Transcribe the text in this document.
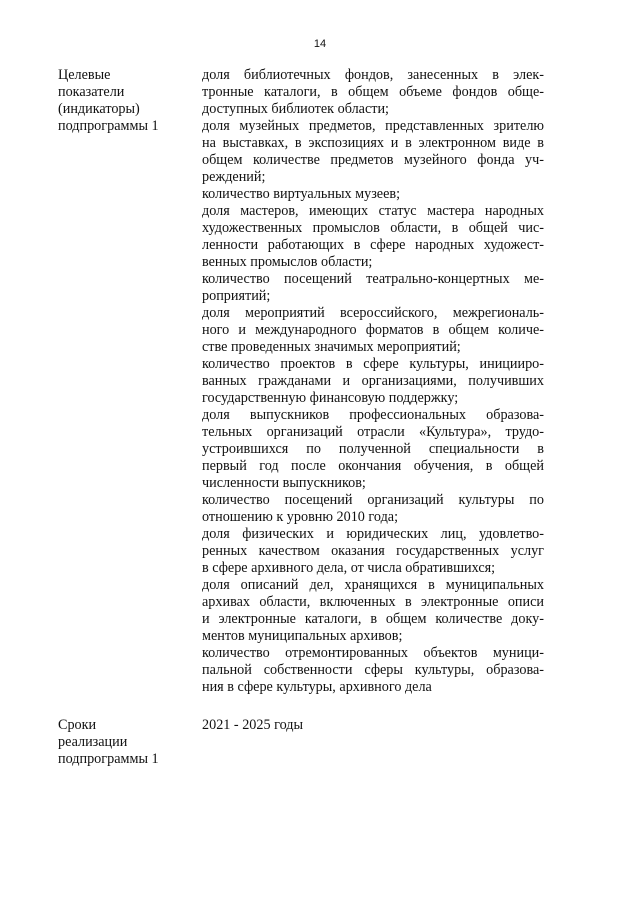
14
Целевые
показатели
(индикаторы)
подпрограммы 1
доля библиотечных фондов, занесенных в элек-
тронные каталоги, в общем объеме фондов обще-
доступных библиотек области;
доля музейных предметов, представленных зрителю
на выставках, в экспозициях и в электронном виде в
общем количестве предметов музейного фонда уч-
реждений;
количество виртуальных музеев;
доля мастеров, имеющих статус мастера народных
художественных промыслов области, в общей чис-
ленности работающих в сфере народных художест-
венных промыслов области;
количество посещений театрально-концертных ме-
роприятий;
доля мероприятий всероссийского, межрегиональ-
ного и международного форматов в общем количе-
стве проведенных значимых мероприятий;
количество проектов в сфере культуры, инициирo-
ванных гражданами и организациями, получивших
государственную финансовую поддержку;
доля выпускников профессиональных образова-
тельных организаций отрасли «Культура», трудо-
устроившихся по полученной специальности в
первый год после окончания обучения, в общей
численности выпускников;
количество посещений организаций культуры по
отношению к уровню 2010 года;
доля физических и юридических лиц, удовлетво-
ренных качеством оказания государственных услуг
в сфере архивного дела, от числа обратившихся;
доля описаний дел, хранящихся в муниципальных
архивах области, включенных в электронные описи
и электронные каталоги, в общем количестве доку-
ментов муниципальных архивов;
количество отремонтированных объектов муници-
пальной собственности сферы культуры, образова-
ния в сфере культуры, архивного дела
Сроки
реализации
подпрограммы 1
2021 - 2025 годы
